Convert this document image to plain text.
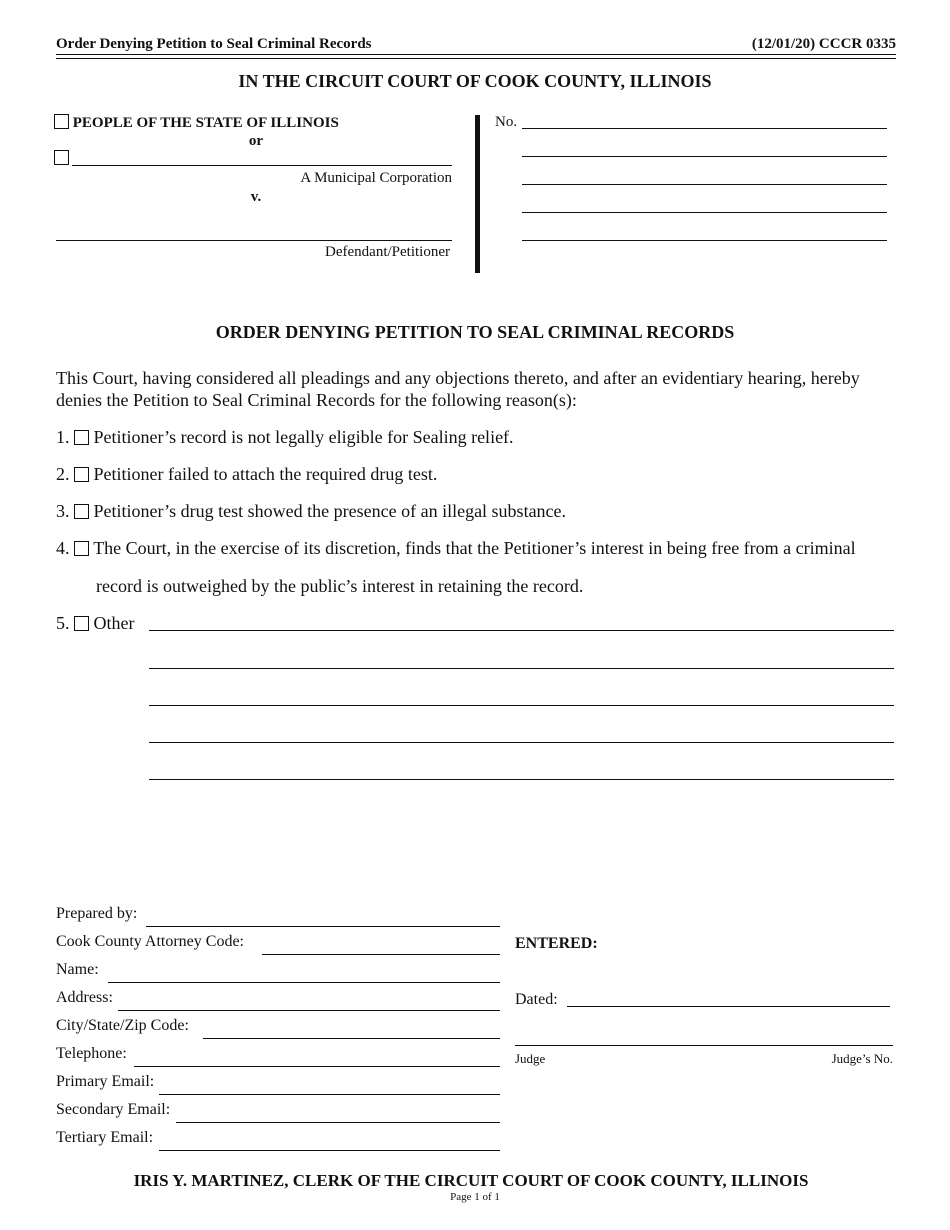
Order Denying Petition to Seal Criminal Records	(12/01/20) CCCR 0335
IN THE CIRCUIT COURT OF COOK COUNTY, ILLINOIS
PEOPLE OF THE STATE OF ILLINOIS
or
A Municipal Corporation
v.
Defendant/Petitioner
No.
ORDER DENYING PETITION TO SEAL CRIMINAL RECORDS
This Court, having considered all pleadings and any objections thereto, and after an evidentiary hearing, hereby denies the Petition to Seal Criminal Records for the following reason(s):
1. Petitioner’s record is not legally eligible for Sealing relief.
2. Petitioner failed to attach the required drug test.
3. Petitioner’s drug test showed the presence of an illegal substance.
4. The Court, in the exercise of its discretion, finds that the Petitioner’s interest in being free from a criminal
record is outweighed by the public’s interest in retaining the record.
5. Other
Prepared by:
Cook County Attorney Code:
Name:
Address:
City/State/Zip Code:
Telephone:
Primary Email:
Secondary Email:
Tertiary Email:
ENTERED:
Dated:
Judge	Judge’s No.
IRIS Y. MARTINEZ, CLERK OF THE CIRCUIT COURT OF COOK COUNTY, ILLINOIS
Page 1 of 1
